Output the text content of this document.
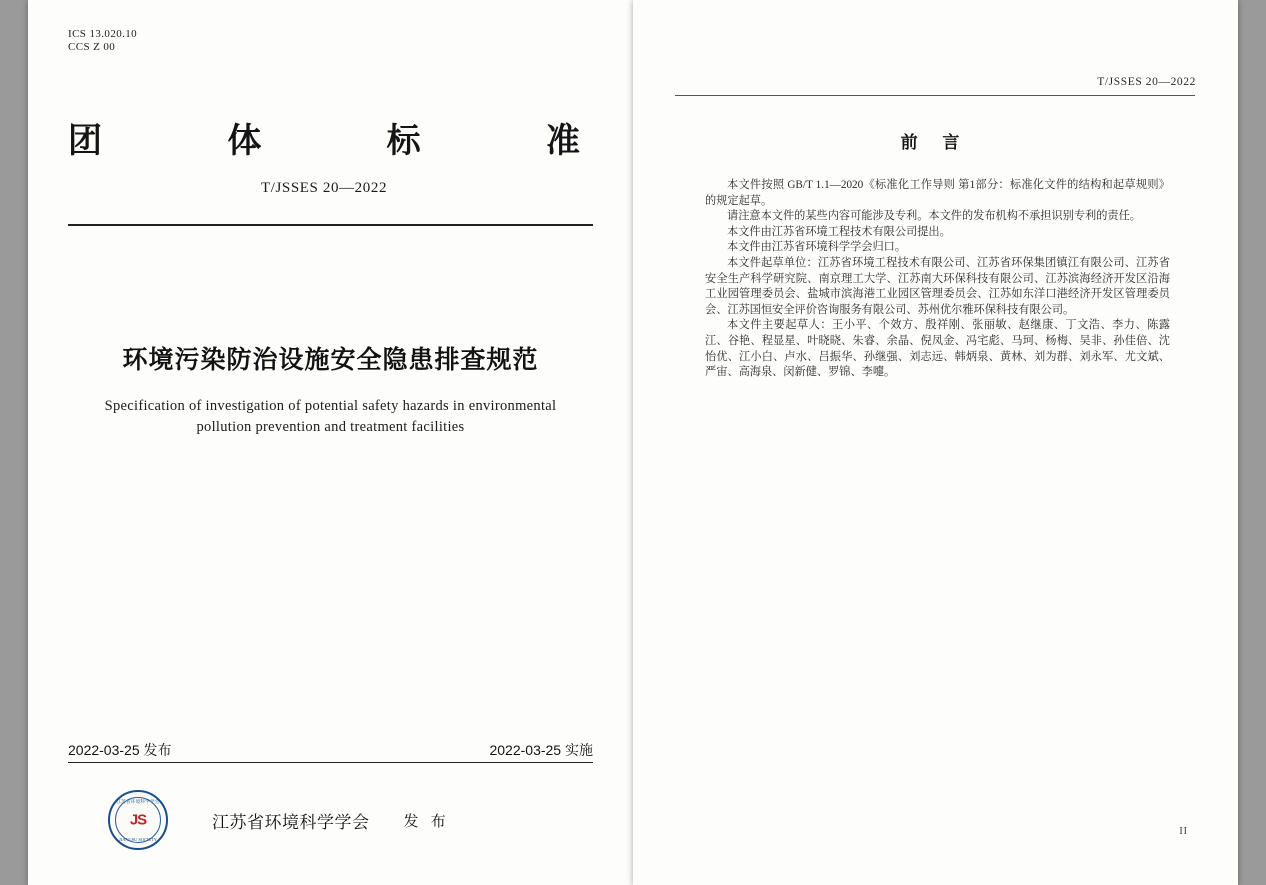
ICS 13.020.10
CCS Z 00
团	体	标	准
T/JSSES 20—2022
环境污染防治设施安全隐患排查规范
Specification of investigation of potential safety hazards in environmental
pollution prevention and treatment facilities
2022-03-25 发布	2022-03-25 实施
江苏省环境科学学会
JS
JIANGSU SOCIETY
江苏省环境科学学会 发 布
T/JSSES 20—2022
前 言

本文件按照 GB/T 1.1—2020《标准化工作导则 第1部分：标准化文件的结构和起草规则》的规定起草。

请注意本文件的某些内容可能涉及专利。本文件的发布机构不承担识别专利的责任。

本文件由江苏省环境工程技术有限公司提出。

本文件由江苏省环境科学学会归口。

本文件起草单位：江苏省环境工程技术有限公司、江苏省环保集团镇江有限公司、江苏省安全生产科学研究院、南京理工大学、江苏南大环保科技有限公司、江苏滨海经济开发区沿海工业园管理委员会、盐城市滨海港工业园区管理委员会、江苏如东洋口港经济开发区管理委员会、江苏国恒安全评价咨询服务有限公司、苏州优尔雅环保科技有限公司。

本文件主要起草人：王小平、个效方、殷祥刚、张丽敏、赵继康、丁文浩、李力、陈露江、谷艳、程显星、叶晓晓、朱睿、余晶、倪凤金、冯宅彪、马珂、杨梅、吴非、孙佳倍、沈怡优、江小白、卢水、吕振华、孙继强、刘志远、韩炳泉、黄林、刘为群、刘永军、尤文斌、严宙、高海泉、闵新健、罗锦、李嚏。

II
